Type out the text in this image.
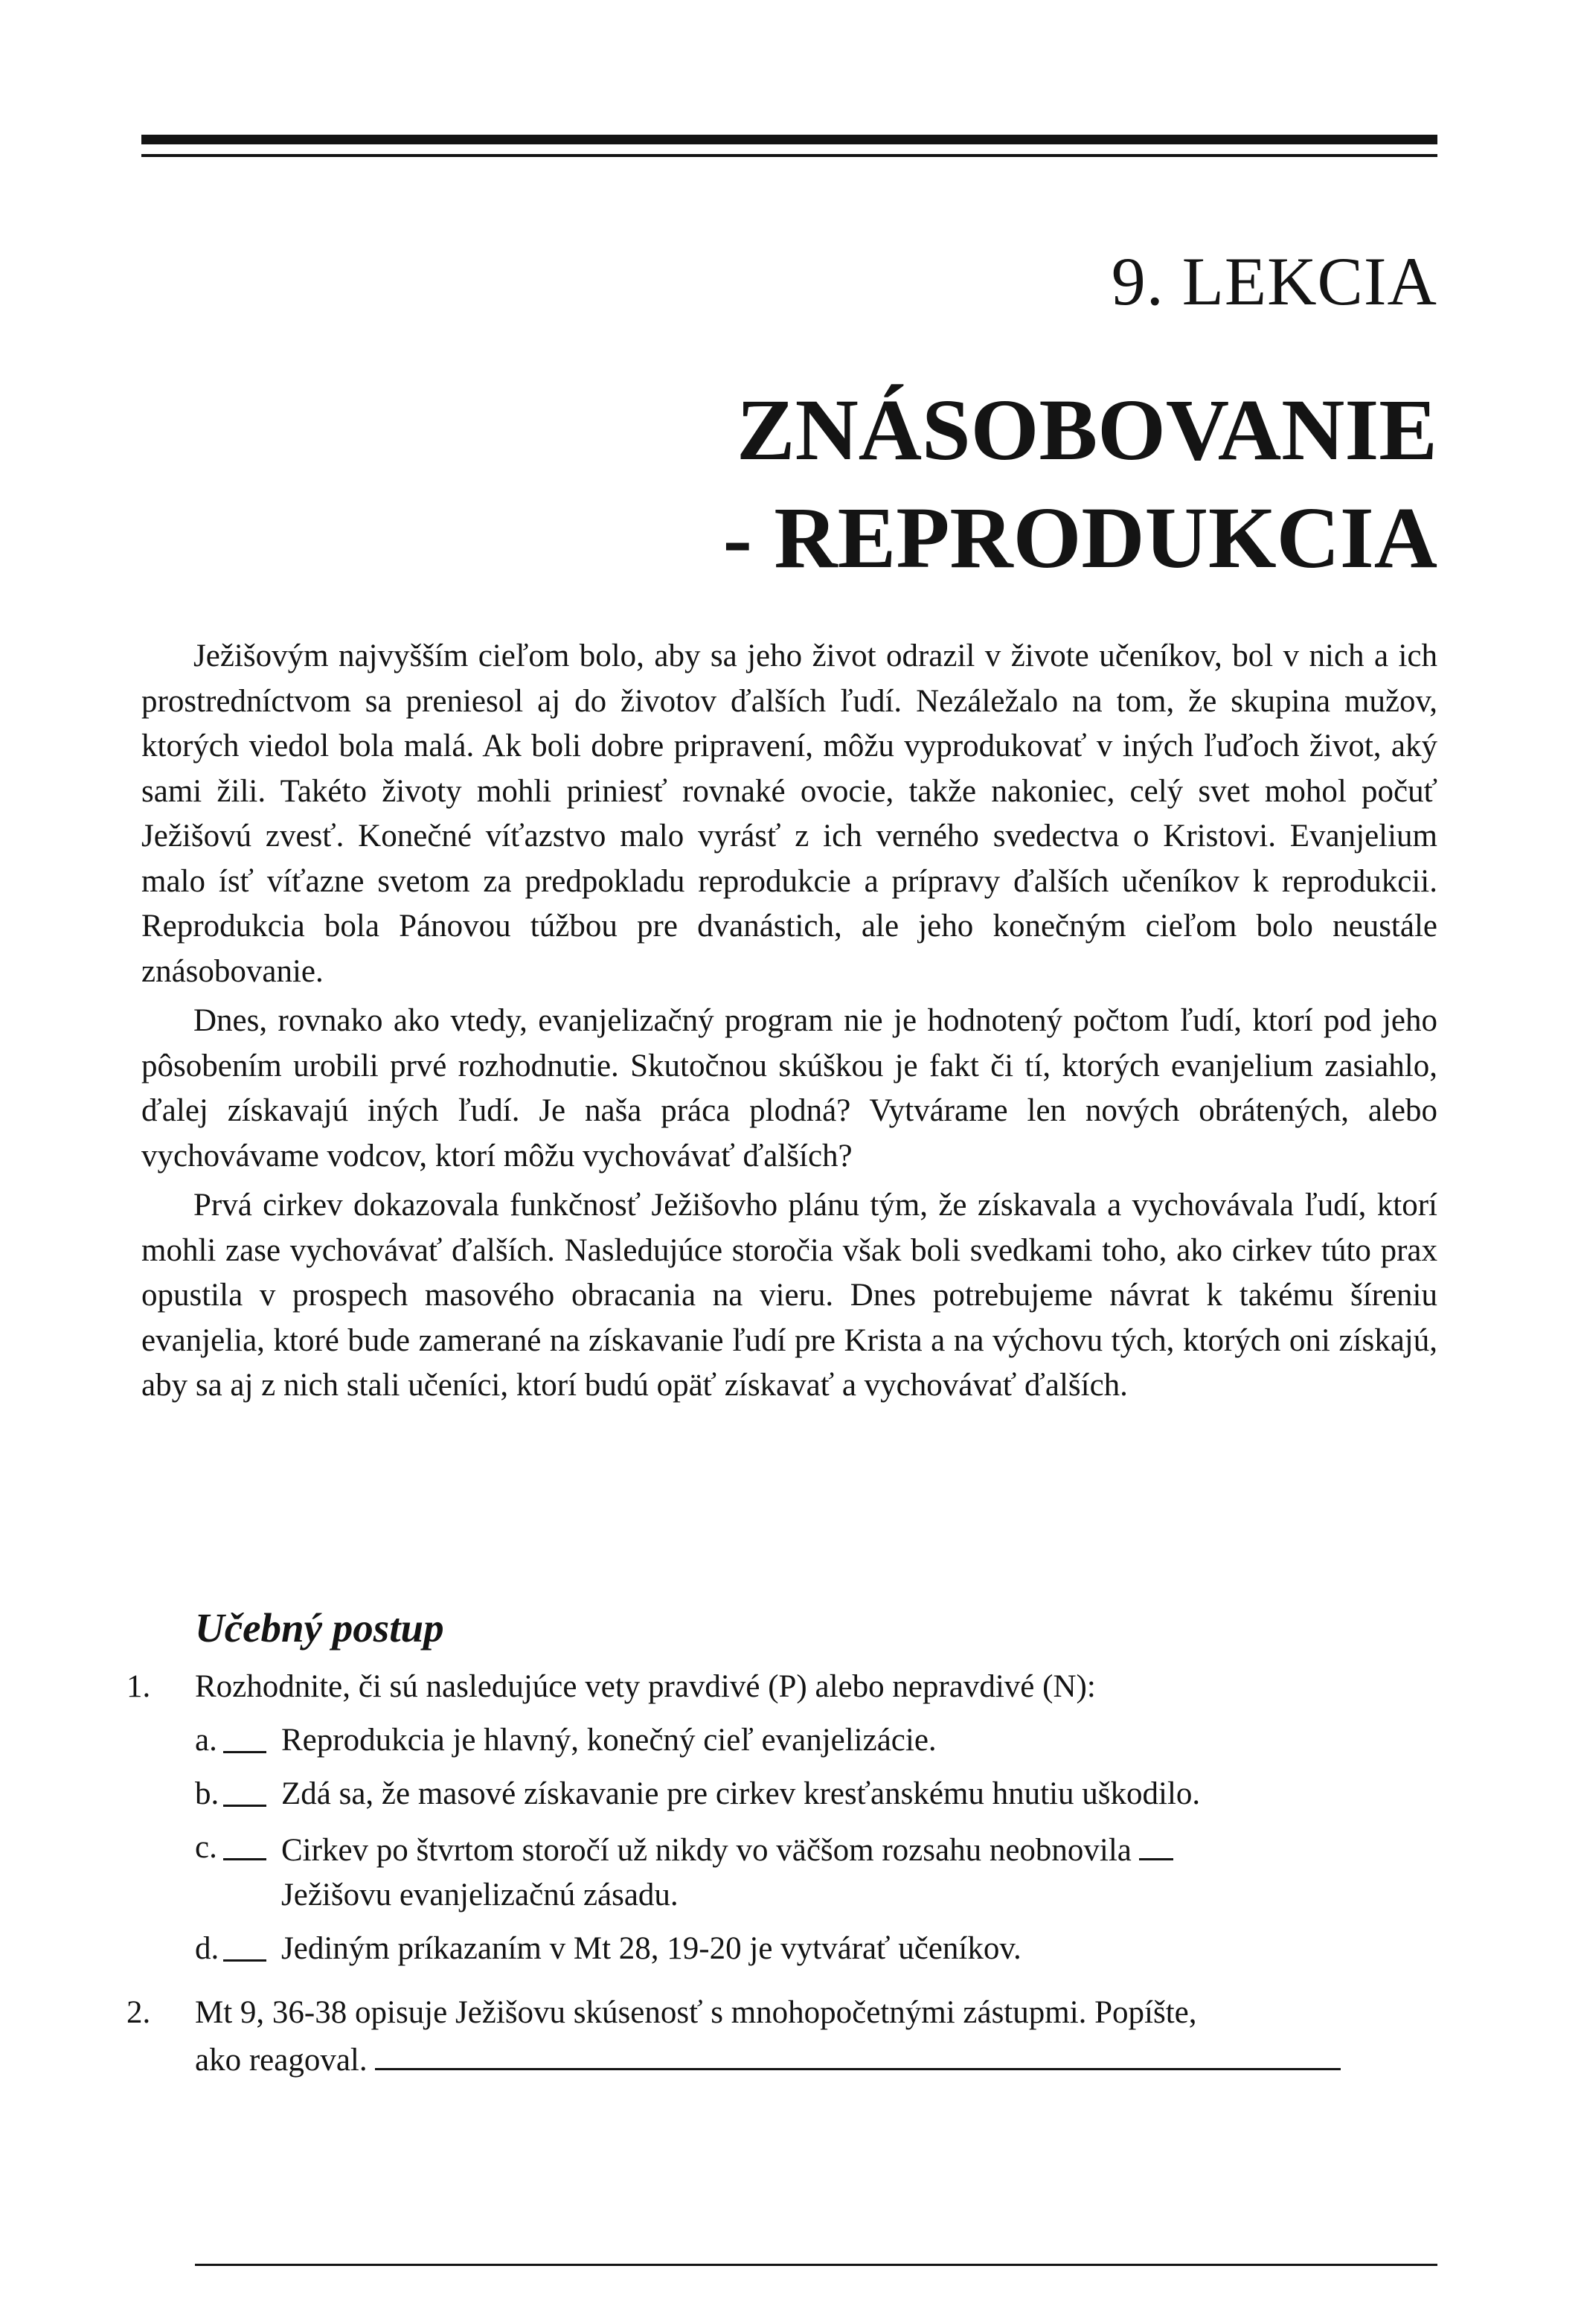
9. LEKCIA
ZNÁSOBOVANIE
- REPRODUKCIA

Ježišovým najvyšším cieľom bolo, aby sa jeho život odrazil v živote učeníkov, bol v nich a ich prostredníctvom sa preniesol aj do životov ďalších ľudí. Nezáležalo na tom, že skupina mužov, ktorých viedol bola malá. Ak boli dobre pripravení, môžu vyprodukovať v iných ľuďoch život, aký sami žili. Takéto životy mohli priniesť rovnaké ovocie, takže nakoniec, celý svet mohol počuť Ježišovú zvesť. Konečné víťazstvo malo vyrásť z ich verného svedectva o Kristovi. Evanjelium malo ísť víťazne svetom za predpokladu reprodukcie a prípravy ďalších učeníkov k reprodukcii. Reprodukcia bola Pánovou túžbou pre dvanástich, ale jeho konečným cieľom bolo neustále znásobovanie.

Dnes, rovnako ako vtedy, evanjelizačný program nie je hodnotený počtom ľudí, ktorí pod jeho pôsobením urobili prvé rozhodnutie. Skutočnou skúškou je fakt či tí, ktorých evanjelium zasiahlo, ďalej získavajú iných ľudí. Je naša práca plodná? Vytvárame len nových obrátených, alebo vychovávame vodcov, ktorí môžu vychovávať ďalších?

Prvá cirkev dokazovala funkčnosť Ježišovho plánu tým, že získavala a vychovávala ľudí, ktorí mohli zase vychovávať ďalších. Nasledujúce storočia však boli svedkami toho, ako cirkev túto prax opustila v prospech masového obracania na vieru. Dnes potrebujeme návrat k takému šíreniu evanjelia, ktoré bude zamerané na získavanie ľudí pre Krista a na výchovu tých, ktorých oni získajú, aby sa aj z nich stali učeníci, ktorí budú opäť získavať a vychovávať ďalších.

Učebný postup
1.	Rozhodnite, či sú nasledujúce vety pravdivé (P) alebo nepravdivé (N):
a. Reprodukcia je hlavný, konečný cieľ evanjelizácie.
b. Zdá sa, že masové získavanie pre cirkev kresťanskému hnutiu uškodilo.
c. Cirkev po štvrtom storočí už nikdy vo väčšom rozsahu neobnovila
Ježišovu evanjelizačnú zásadu.
d. Jediným príkazaním v Mt 28, 19-20 je vytvárať učeníkov.
2.	Mt 9, 36-38 opisuje Ježišovu skúsenosť s mnohopočetnými zástupmi. Popíšte,
ako reagoval.
